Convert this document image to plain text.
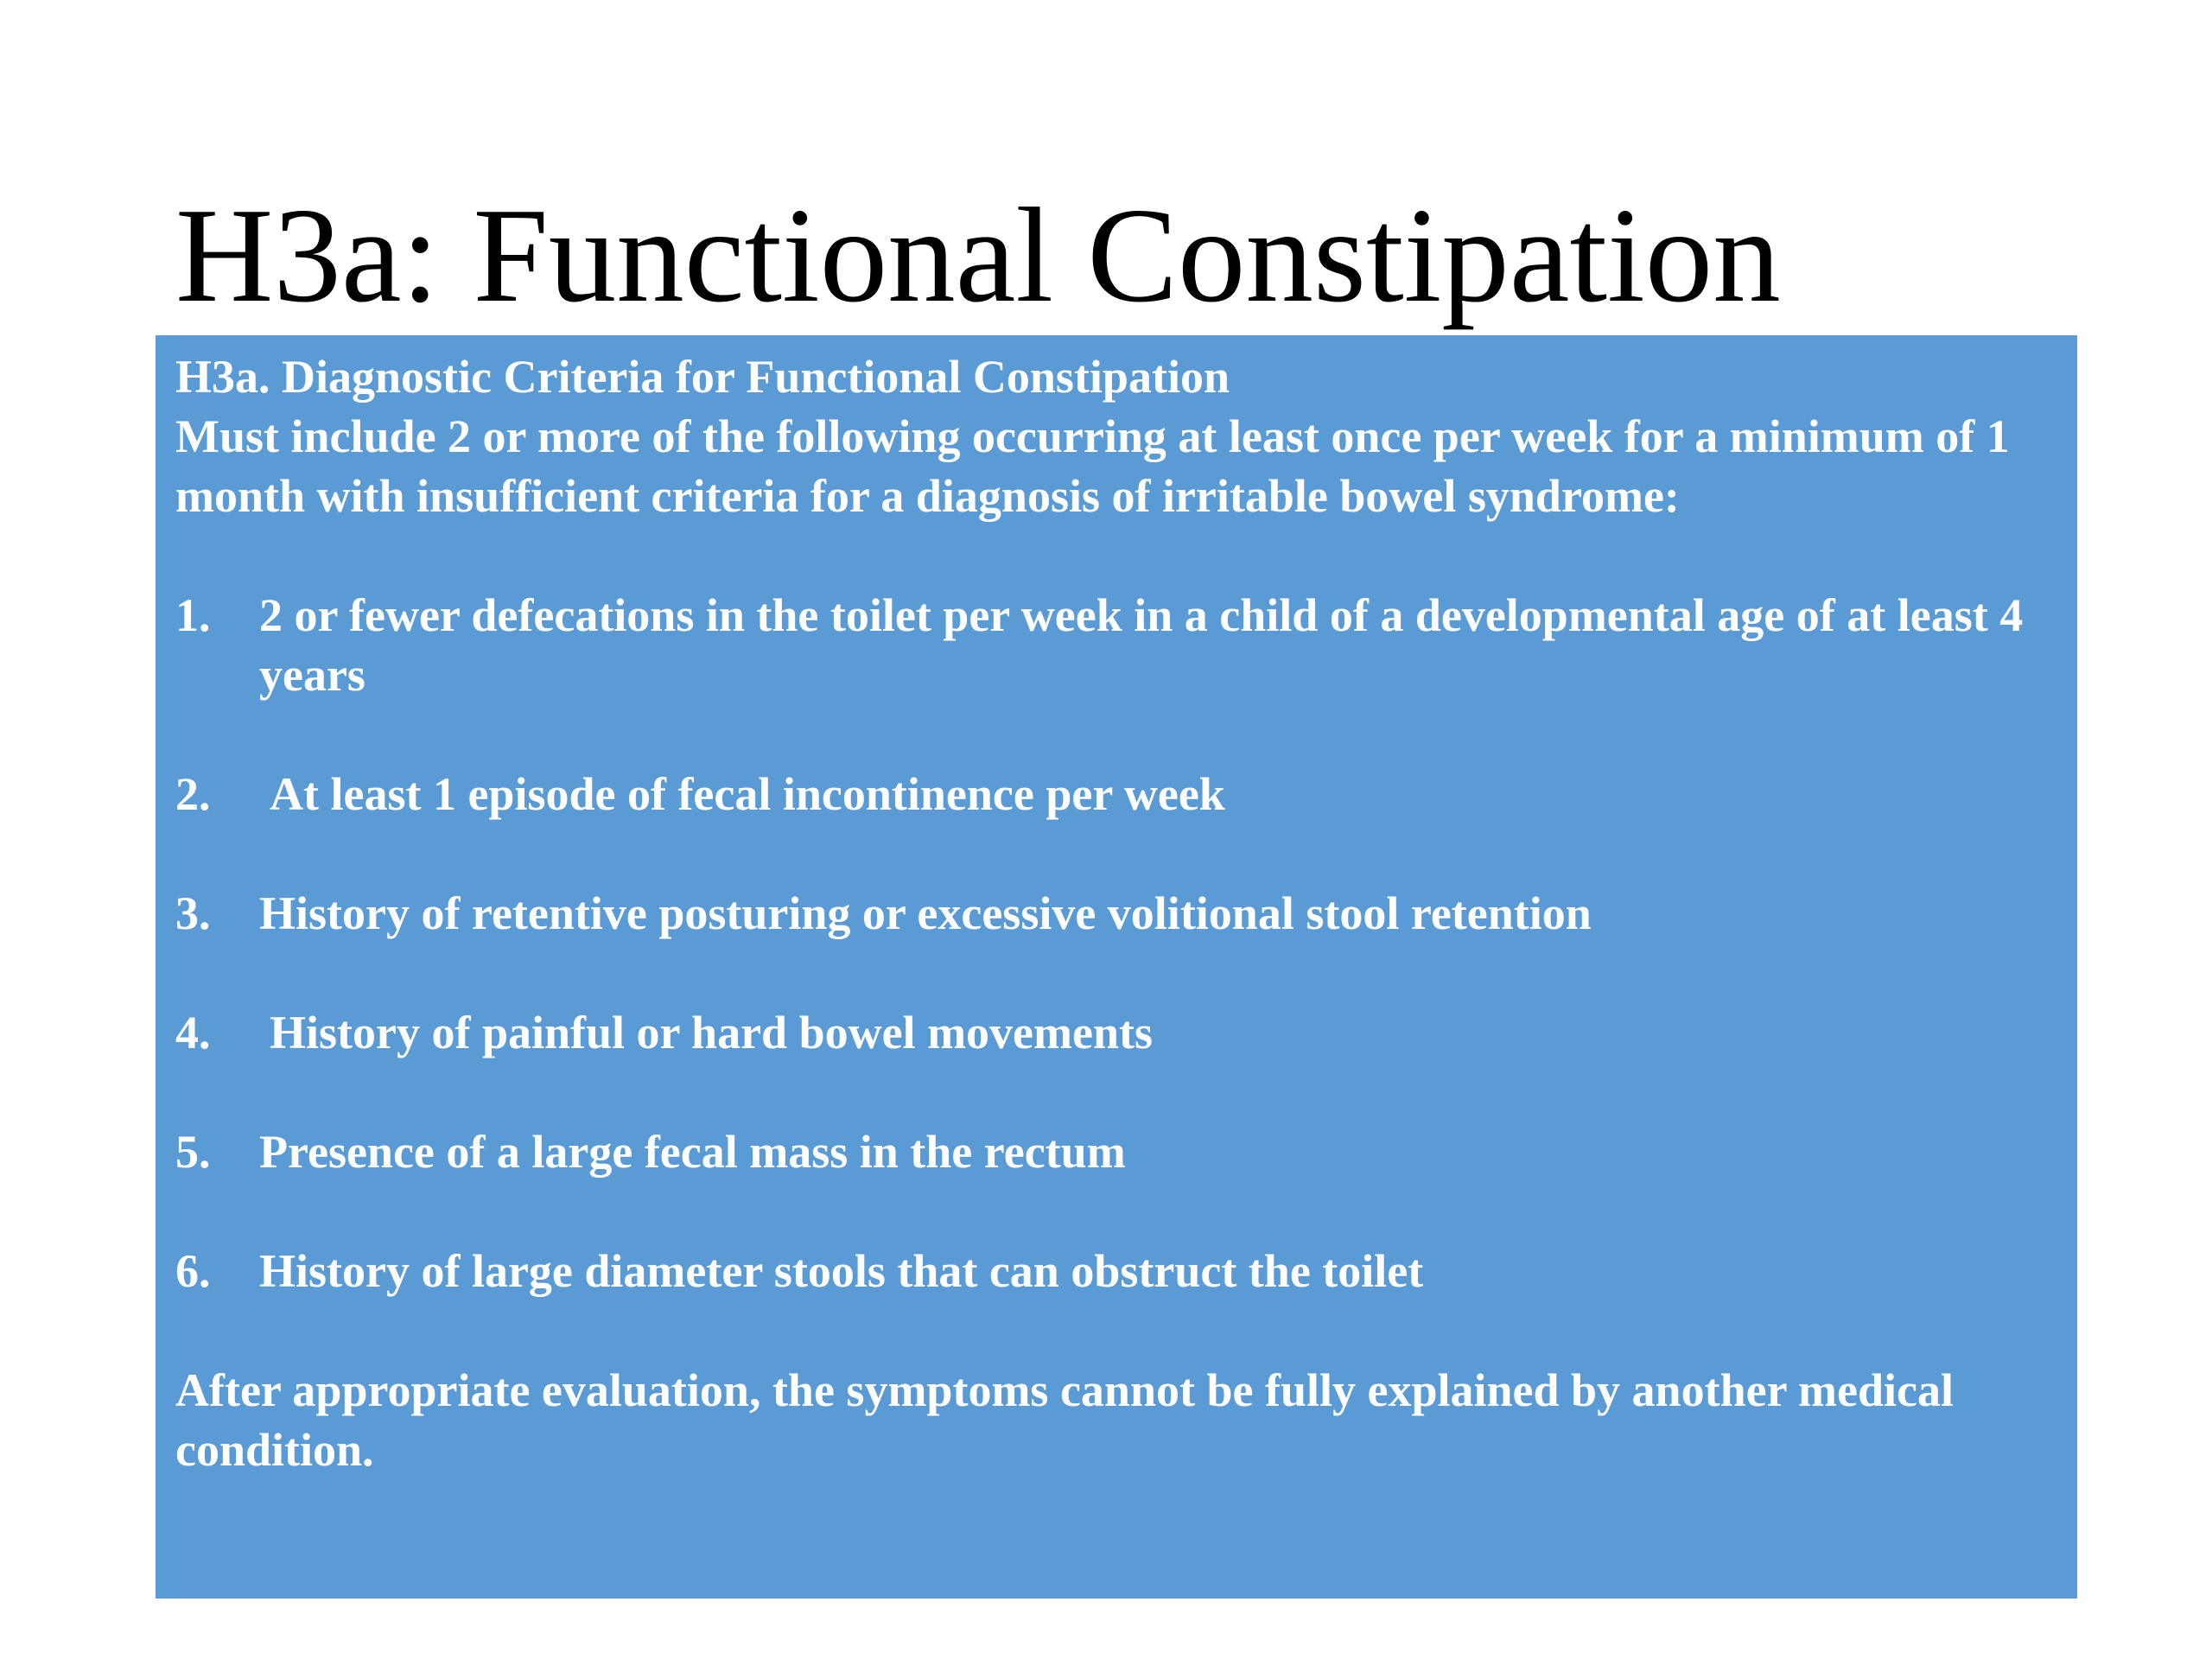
H3a: Functional Constipation

H3a. Diagnostic Criteria for Functional Constipation

Must include 2 or more of the following occurring at least once per week for a minimum of 1 month with insufficient criteria for a diagnosis of irritable bowel syndrome:

1.	2 or fewer defecations in the toilet per week in a child of a developmental age of at least 4 years
2.	At least 1 episode of fecal incontinence per week
3.	History of retentive posturing or excessive volitional stool retention
4.	History of painful or hard bowel movements
5.	Presence of a large fecal mass in the rectum
6.	History of large diameter stools that can obstruct the toilet

After appropriate evaluation, the symptoms cannot be fully explained by another medical condition.
